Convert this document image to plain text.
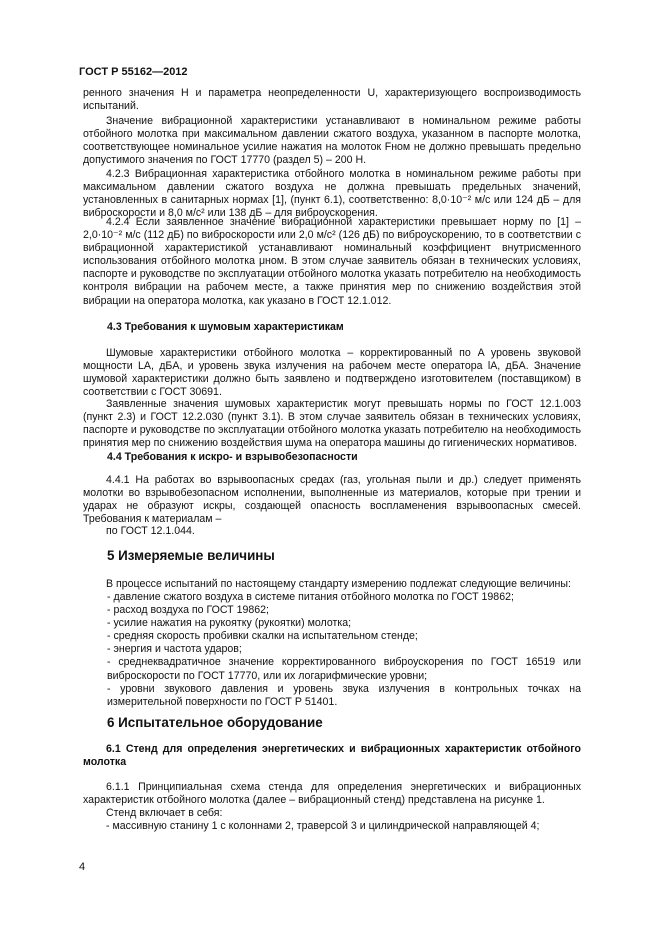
ГОСТ Р 55162—2012
ренного значения H и параметра неопределенности U, характеризующего воспроизводимость испытаний.
Значение вибрационной характеристики устанавливают в номинальном режиме работы отбойного молотка при максимальном давлении сжатого воздуха, указанном в паспорте молотка, соответствующее номинальное усилие нажатия на молоток Fном не должно превышать предельно допустимого значения по ГОСТ 17770 (раздел 5) – 200 Н.
4.2.3 Вибрационная характеристика отбойного молотка в номинальном режиме работы при максимальном давлении сжатого воздуха не должна превышать предельных значений, установленных в санитарных нормах [1], (пункт 6.1), соответственно: 8,0·10⁻² м/с или 124 дБ – для виброскорости и 8,0 м/с² или 138 дБ – для виброускорения.
4.2.4 Если заявленное значение вибрационной характеристики превышает норму по [1] – 2,0·10⁻² м/с (112 дБ) по виброскорости или 2,0 м/с² (126 дБ) по виброускорению, то в соответствии с вибрационной характеристикой устанавливают номинальный коэффициент внутрисменного использования отбойного молотка μном. В этом случае заявитель обязан в технических условиях, паспорте и руководстве по эксплуатации отбойного молотка указать потребителю на необходимость контроля вибрации на рабочем месте, а также принятия мер по снижению воздействия этой вибрации на оператора молотка, как указано в ГОСТ 12.1.012.
4.3 Требования к шумовым характеристикам
Шумовые характеристики отбойного молотка – корректированный по A уровень звуковой мощности LA, дБA, и уровень звука излучения на рабочем месте оператора lA, дБA. Значение шумовой характеристики должно быть заявлено и подтверждено изготовителем (поставщиком) в соответствии с ГОСТ 30691.
Заявленные значения шумовых характеристик могут превышать нормы по ГОСТ 12.1.003 (пункт 2.3) и ГОСТ 12.2.030 (пункт 3.1). В этом случае заявитель обязан в технических условиях, паспорте и руководстве по эксплуатации отбойного молотка указать потребителю на необходимость принятия мер по снижению воздействия шума на оператора машины до гигиенических нормативов.
4.4 Требования к искро- и взрывобезопасности
4.4.1 На работах во взрывоопасных средах (газ, угольная пыли и др.) следует применять молотки во взрывобезопасном исполнении, выполненные из материалов, которые при трении и ударах не образуют искры, создающей опасность воспламенения взрывоопасных смесей. Требования к материалам –
по ГОСТ 12.1.044.
5 Измеряемые величины
В процессе испытаний по настоящему стандарту измерению подлежат следующие величины:
- давление сжатого воздуха в системе питания отбойного молотка по ГОСТ 19862;
- расход воздуха по ГОСТ 19862;
- усилие нажатия на рукоятку (рукоятки) молотка;
- средняя скорость пробивки скалки на испытательном стенде;
- энергия и частота ударов;
- среднеквадратичное значение корректированного виброускорения по ГОСТ 16519 или виброскорости по ГОСТ 17770, или их логарифмические уровни;
- уровни звукового давления и уровень звука излучения в контрольных точках на измерительной поверхности по ГОСТ Р 51401.
6 Испытательное оборудование
6.1 Стенд для определения энергетических и вибрационных характеристик отбойного молотка
6.1.1 Принципиальная схема стенда для определения энергетических и вибрационных характеристик отбойного молотка (далее – вибрационный стенд) представлена на рисунке 1.
Стенд включает в себя:
- массивную станину 1 с колоннами 2, траверсой 3 и цилиндрической направляющей 4;
4
